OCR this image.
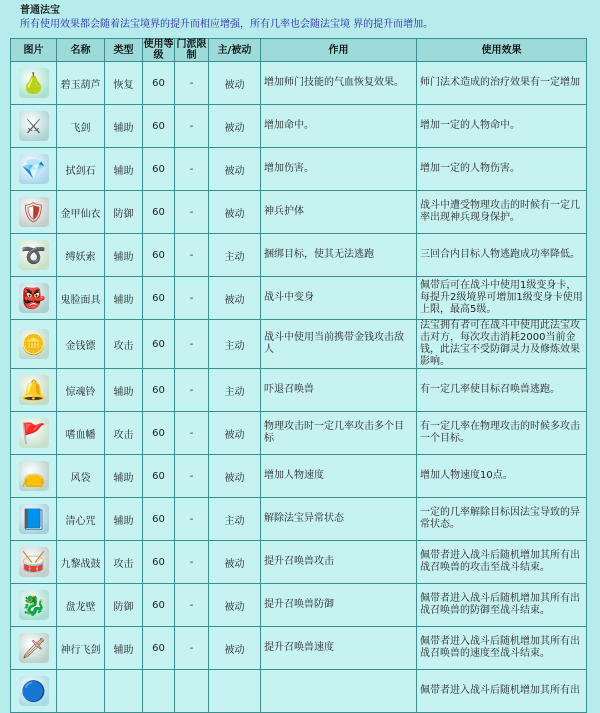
普通法宝
所有使用效果都会随着法宝境界的提升而相应增强，所有几率也会随法宝境 界的提升而增加。
图片	名称	类型	使用等级	门派限制	主/被动	作用	使用效果

🍐	碧玉葫芦	恢复	60	-	被动	增加师门技能的气血恢复效果。	师门法术造成的治疗效果有一定增加

⚔	飞剑	辅助	60	-	被动	增加命中。	增加一定的人物命中。

💎	拭剑石	辅助	60	-	被动	增加伤害。	增加一定的人物伤害。

🛡	金甲仙衣	防御	60	-	被动	神兵护体	战斗中遭受物理攻击的时候有一定几率出现神兵现身保护。

➰	缚妖索	辅助	60	-	主动	捆绑目标，使其无法逃跑	三回合内目标人物逃跑成功率降低。

👺	鬼脸面具	辅助	60	-	被动	战斗中变身	佩带后可在战斗中使用1级变身卡，每提升2级境界可增加1级变身卡使用上限，最高5级。

🪙	金钱镖	攻击	60	-	主动	战斗中使用当前携带金钱攻击敌人	法宝拥有者可在战斗中使用此法宝攻击对方，每次攻击消耗2000当前金钱，此法宝不受防御灵力及修炼效果影响。

🔔	惊魂铃	辅助	60	-	主动	吓退召唤兽	有一定几率使目标召唤兽逃跑。

🚩	嗜血幡	攻击	60	-	被动	物理攻击时一定几率攻击多个目标	有一定几率在物理攻击的时候多攻击一个目标。

👝	风袋	辅助	60	-	被动	增加人物速度	增加人物速度10点。

📘	清心咒	辅助	60	-	主动	解除法宝异常状态	一定的几率解除目标因法宝导致的异常状态。

🥁	九黎战鼓	攻击	60	-	被动	提升召唤兽攻击	佩带者进入战斗后随机增加其所有出战召唤兽的攻击至战斗结束。

🐉	盘龙壁	防御	60	-	被动	提升召唤兽防御	佩带者进入战斗后随机增加其所有出战召唤兽的防御至战斗结束。

🗡	神行飞剑	辅助	60	-	被动	提升召唤兽速度	佩带者进入战斗后随机增加其所有出战召唤兽的速度至战斗结束。

🔵							佩带者进入战斗后随机增加其所有出
